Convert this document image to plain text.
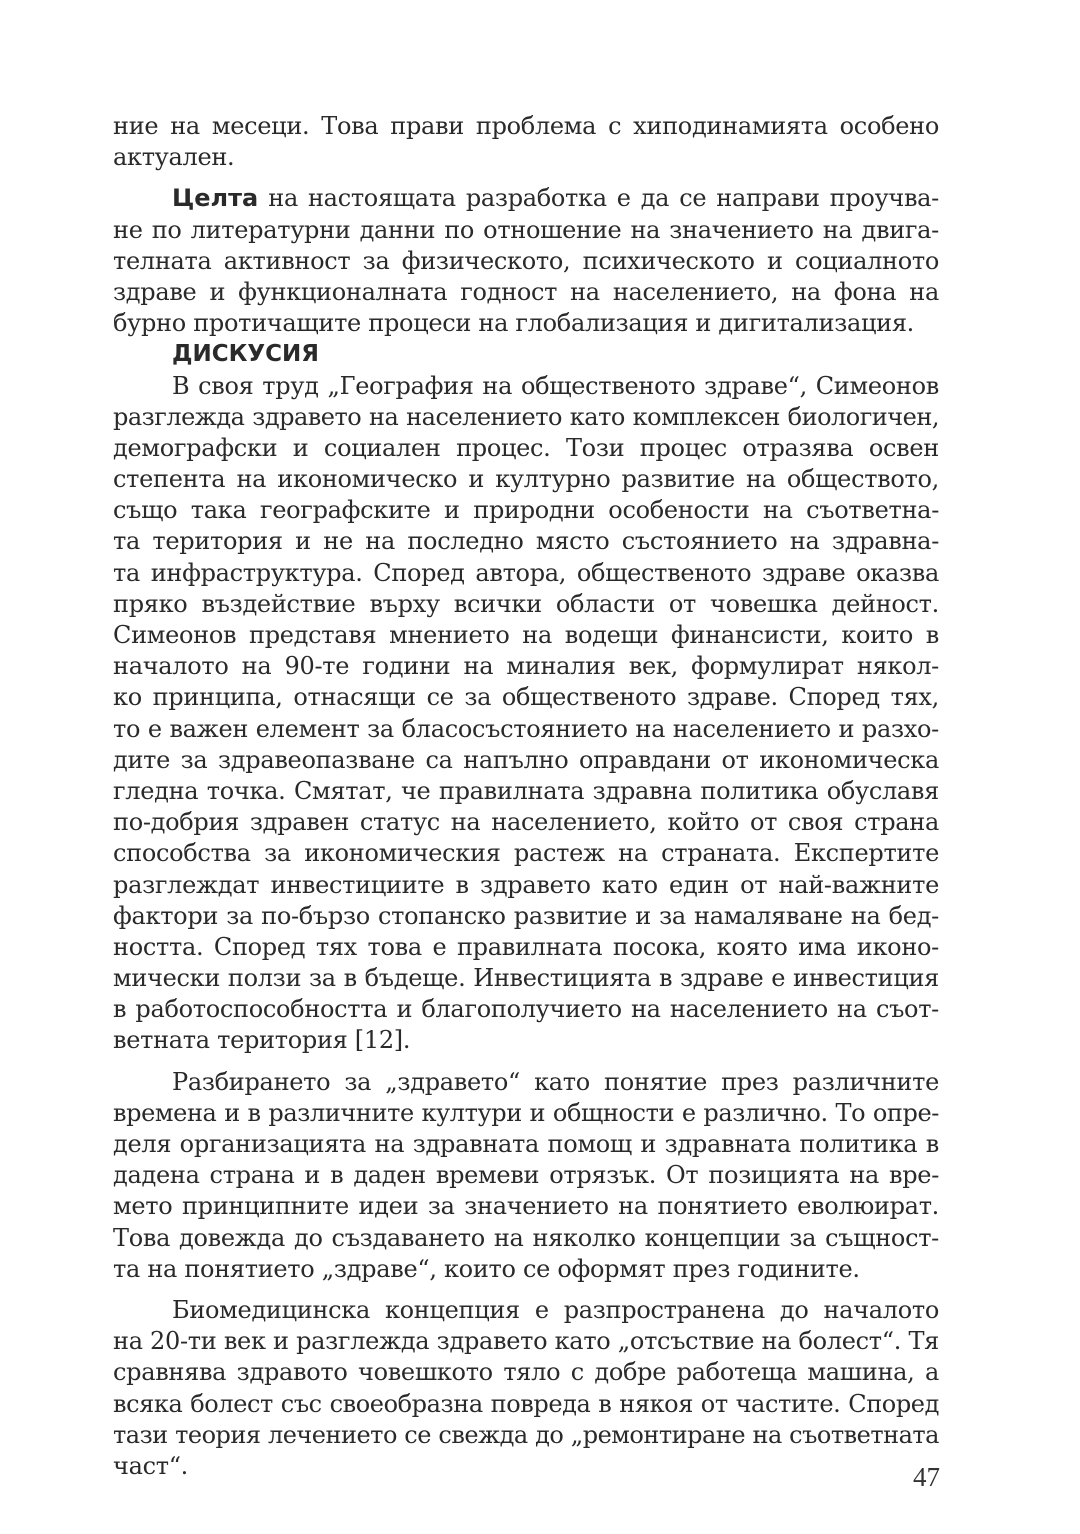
ние на месеци. Това прави проблема с хиподинамията особено
актуален.
Целта на настоящата разработка е да се направи проучва-
не по литературни данни по отношение на значението на двига-
телната активност за физическото, психическото и социалното
здраве и функционалната годност на населението, на фона на
бурно протичащите процеси на глобализация и дигитализация.
ДИСКУСИЯ
В своя труд „География на общественото здраве“, Симеонов
разглежда здравето на населението като комплексен биологичен,
демографски и социален процес. Този процес отразява освен
степента на икономическо и културно развитие на обществото,
също така географските и природни особености на съответна-
та територия и не на последно място състоянието на здравна-
та инфраструктура. Според автора, общественото здраве оказва
пряко въздействие върху всички области от човешка дейност.
Симеонов представя мнението на водещи финансисти, които в
началото на 90-те години на миналия век, формулират някол-
ко принципа, отнасящи се за общественото здраве. Според тях,
то е важен елемент за бласосъстоянието на населението и разхо-
дите за здравеопазване са напълно оправдани от икономическа
гледна точка. Смятат, че правилната здравна политика обуславя
по-добрия здравен статус на населението, който от своя страна
способства за икономическия растеж на страната. Експертите
разглеждат инвестициите в здравето като един от най-важните
фактори за по-бързо стопанско развитие и за намаляване на бед-
ността. Според тях това е правилната посока, която има иконо-
мически ползи за в бъдеще. Инвестицията в здраве е инвестиция
в работоспособността и благополучието на населението на съот-
ветната територия [12].
Разбирането за „здравето“ като понятие през различните
времена и в различните култури и общности е различно. То опре-
деля организацията на здравната помощ и здравната политика в
дадена страна и в даден времеви отрязък. От позицията на вре-
мето принципните идеи за значението на понятието еволюират.
Това довежда до създаването на няколко концепции за същност-
та на понятието „здраве“, които се оформят през годините.
Биомедицинска концепция е разпространена до началото
на 20-ти век и разглежда здравето като „отсъствие на болест“. Тя
сравнява здравото човешкото тяло с добре работеща машина, а
всяка болест със своеобразна повреда в някоя от частите. Според
тази теория лечението се свежда до „ремонтиране на съответната
част“.	47
